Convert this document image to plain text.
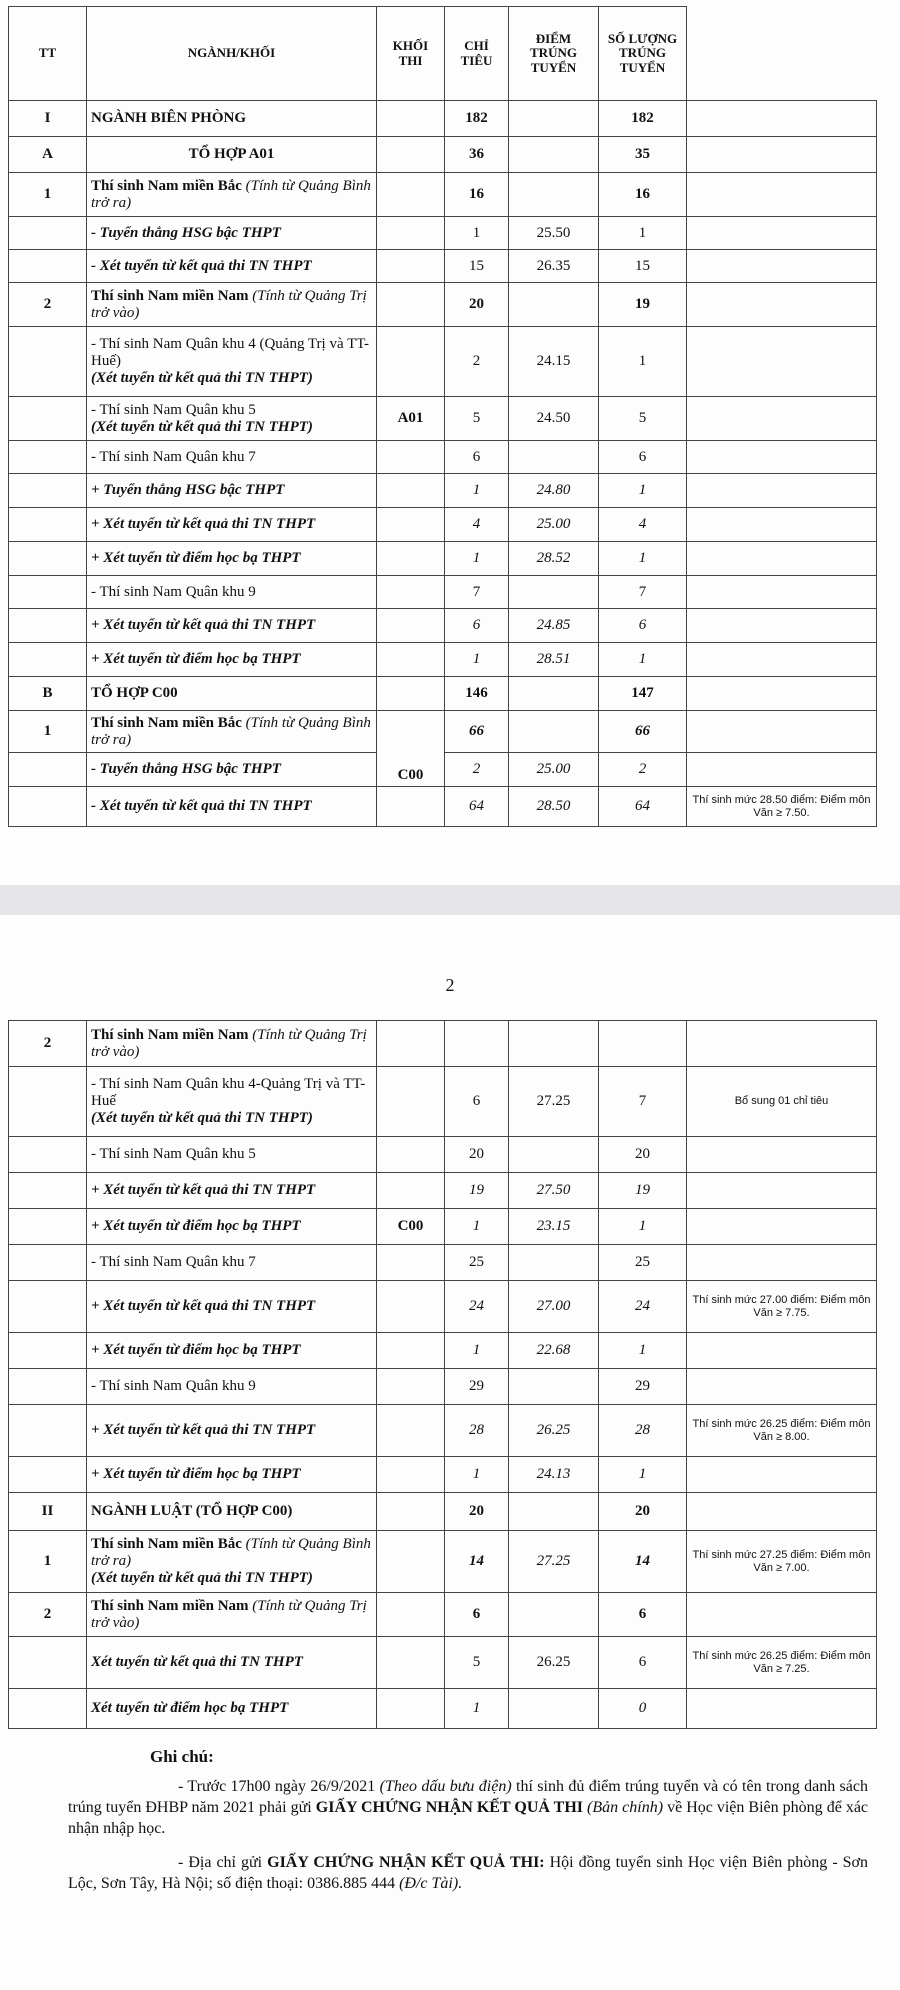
TT	NGÀNH/KHỐI	KHỐI THI	CHỈ TIÊU	ĐIỂM TRÚNG TUYỂN	SỐ LƯỢNG TRÚNG TUYỂN	
I	NGÀNH BIÊN PHÒNG		182		182	
A	TỔ HỢP A01		36		35	
1	Thí sinh Nam miền Bắc (Tính từ Quảng Bình trở ra)		16		16	
	- Tuyển thẳng HSG bậc THPT		1	25.50	1	
	- Xét tuyển từ kết quả thi TN THPT		15	26.35	15	
2	Thí sinh Nam miền Nam (Tính từ Quảng Trị trở vào)		20		19	
	- Thí sinh Nam Quân khu 4 (Quảng Trị và TT-Huế)
(Xét tuyển từ kết quả thi TN THPT)		2	24.15	1	
	- Thí sinh Nam Quân khu 5
(Xét tuyển từ kết quả thi TN THPT)	A01	5	24.50	5	
	- Thí sinh Nam Quân khu 7		6		6	
	+ Tuyển thẳng HSG bậc THPT		1	24.80	1	
	+ Xét tuyển từ kết quả thi TN THPT		4	25.00	4	
	+ Xét tuyển từ điểm học bạ THPT		1	28.52	1	
	- Thí sinh Nam Quân khu 9		7		7	
	+ Xét tuyển từ kết quả thi TN THPT		6	24.85	6	
	+ Xét tuyển từ điểm học bạ THPT		1	28.51	1	
B	TỔ HỢP C00		146		147	
1	Thí sinh Nam miền Bắc (Tính từ Quảng Bình trở ra)	C00	66		66	
	- Tuyển thẳng HSG bậc THPT		2	25.00	2	
	- Xét tuyển từ kết quả thi TN THPT		64	28.50	64	Thí sinh mức 28.50 điểm: Điểm môn Văn ≥ 7.50.
2
2	Thí sinh Nam miền Nam (Tính từ Quảng Trị trở vào)					
	- Thí sinh Nam Quân khu 4-Quảng Trị và TT-Huế
(Xét tuyển từ kết quả thi TN THPT)		6	27.25	7	Bổ sung 01 chỉ tiêu
	- Thí sinh Nam Quân khu 5		20		20	
	+ Xét tuyển từ kết quả thi TN THPT		19	27.50	19	
	+ Xét tuyển từ điểm học bạ THPT	C00	1	23.15	1	
	- Thí sinh Nam Quân khu 7		25		25	
	+ Xét tuyển từ kết quả thi TN THPT		24	27.00	24	Thí sinh mức 27.00 điểm: Điểm môn Văn ≥ 7.75.
	+ Xét tuyển từ điểm học bạ THPT		1	22.68	1	
	- Thí sinh Nam Quân khu 9		29		29	
	+ Xét tuyển từ kết quả thi TN THPT		28	26.25	28	Thí sinh mức 26.25 điểm: Điểm môn Văn ≥ 8.00.
	+ Xét tuyển từ điểm học bạ THPT		1	24.13	1	
II	NGÀNH LUẬT (TỔ HỢP C00)		20		20	
1	Thí sinh Nam miền Bắc (Tính từ Quảng Bình trở ra)
(Xét tuyển từ kết quả thi TN THPT)		14	27.25	14	Thí sinh mức 27.25 điểm: Điểm môn Văn ≥ 7.00.
2	Thí sinh Nam miền Nam (Tính từ Quảng Trị trở vào)		6		6	
	Xét tuyển từ kết quả thi TN THPT		5	26.25	6	Thí sinh mức 26.25 điểm: Điểm môn Văn ≥ 7.25.
	Xét tuyển từ điểm học bạ THPT		1		0	
Ghi chú:

- Trước 17h00 ngày 26/9/2021 (Theo dấu bưu điện) thí sinh đủ điểm trúng tuyển và có tên trong danh sách trúng tuyển ĐHBP năm 2021 phải gửi GIẤY CHỨNG NHẬN KẾT QUẢ THI (Bản chính) về Học viện Biên phòng để xác nhận nhập học.

- Địa chỉ gửi GIẤY CHỨNG NHẬN KẾT QUẢ THI: Hội đồng tuyển sinh Học viện Biên phòng - Sơn Lộc, Sơn Tây, Hà Nội; số điện thoại: 0386.885 444 (Đ/c Tài).
